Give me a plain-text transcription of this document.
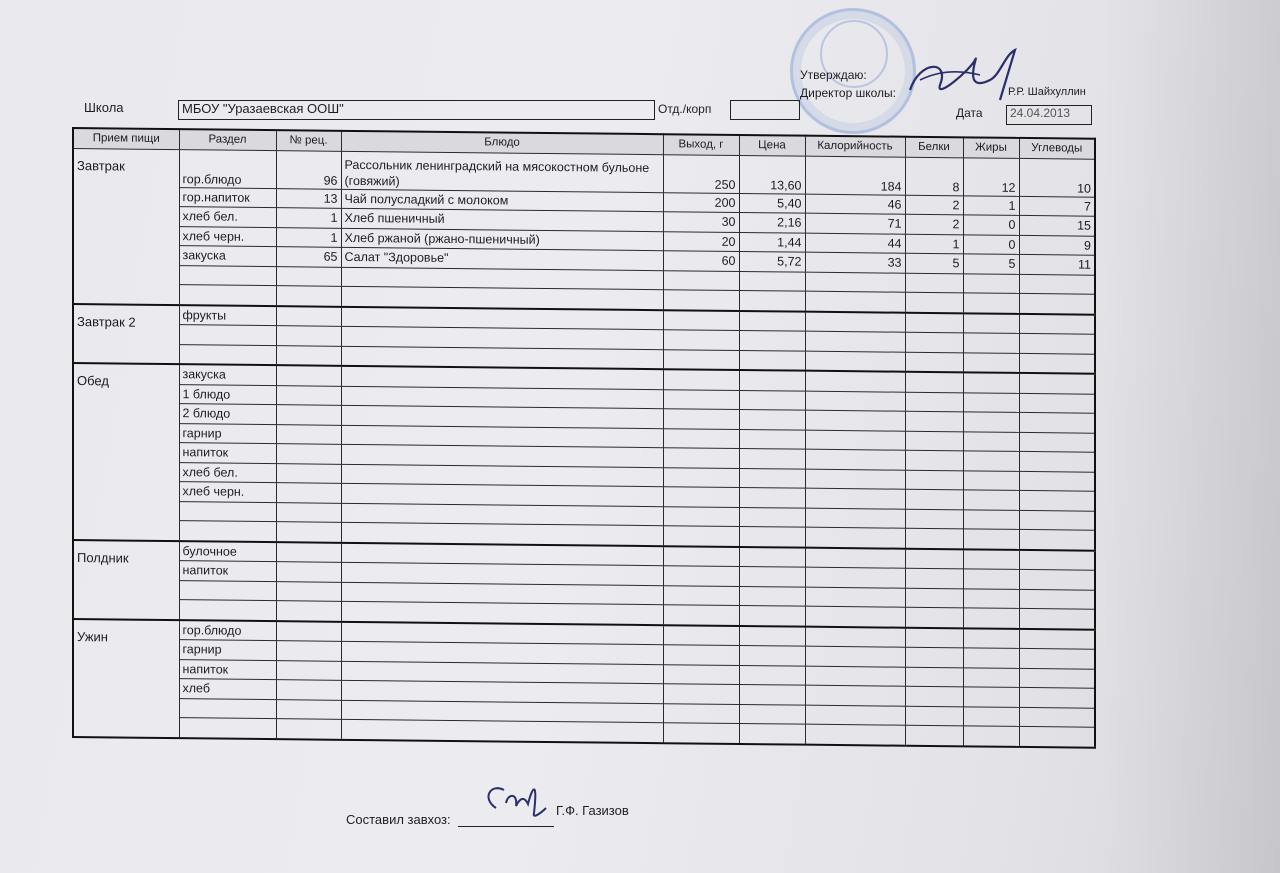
Утверждаю:
Директор школы:	Р.Р. Шайхуллин
Дата 24.04.2013
Школа	МБОУ "Уразаевская ООШ"	Отд./корп
Прием пищи	Раздел	№ рец.	Блюдо	Выход, г	Цена	Калорийность	Белки	Жиры	Углеводы
Завтрак	гор.блюдо	96	Рассольник ленинградский на мясокостном бульоне (говяжий)	250	13,60	184	8	12	10
	гор.напиток	13	Чай полусладкий с молоком	200	5,40	46	2	1	7
	хлеб бел.	1	Хлеб пшеничный	30	2,16	71	2	0	15
	хлеб черн.	1	Хлеб ржаной (ржано-пшеничный)	20	1,44	44	1	0	9
	закуска	65	Салат "Здоровье"	60	5,72	33	5	5	11

Завтрак 2	фрукты								

Обед	закуска								
	1 блюдо								
	2 блюдо								
	гарнир								
	напиток								
	хлеб бел.								
	хлеб черн.								

Полдник	булочное								
	напиток								

Ужин	гор.блюдо								
	гарнир								
	напиток								
	хлеб								

Составил завхоз:
Г.Ф. Газизов
